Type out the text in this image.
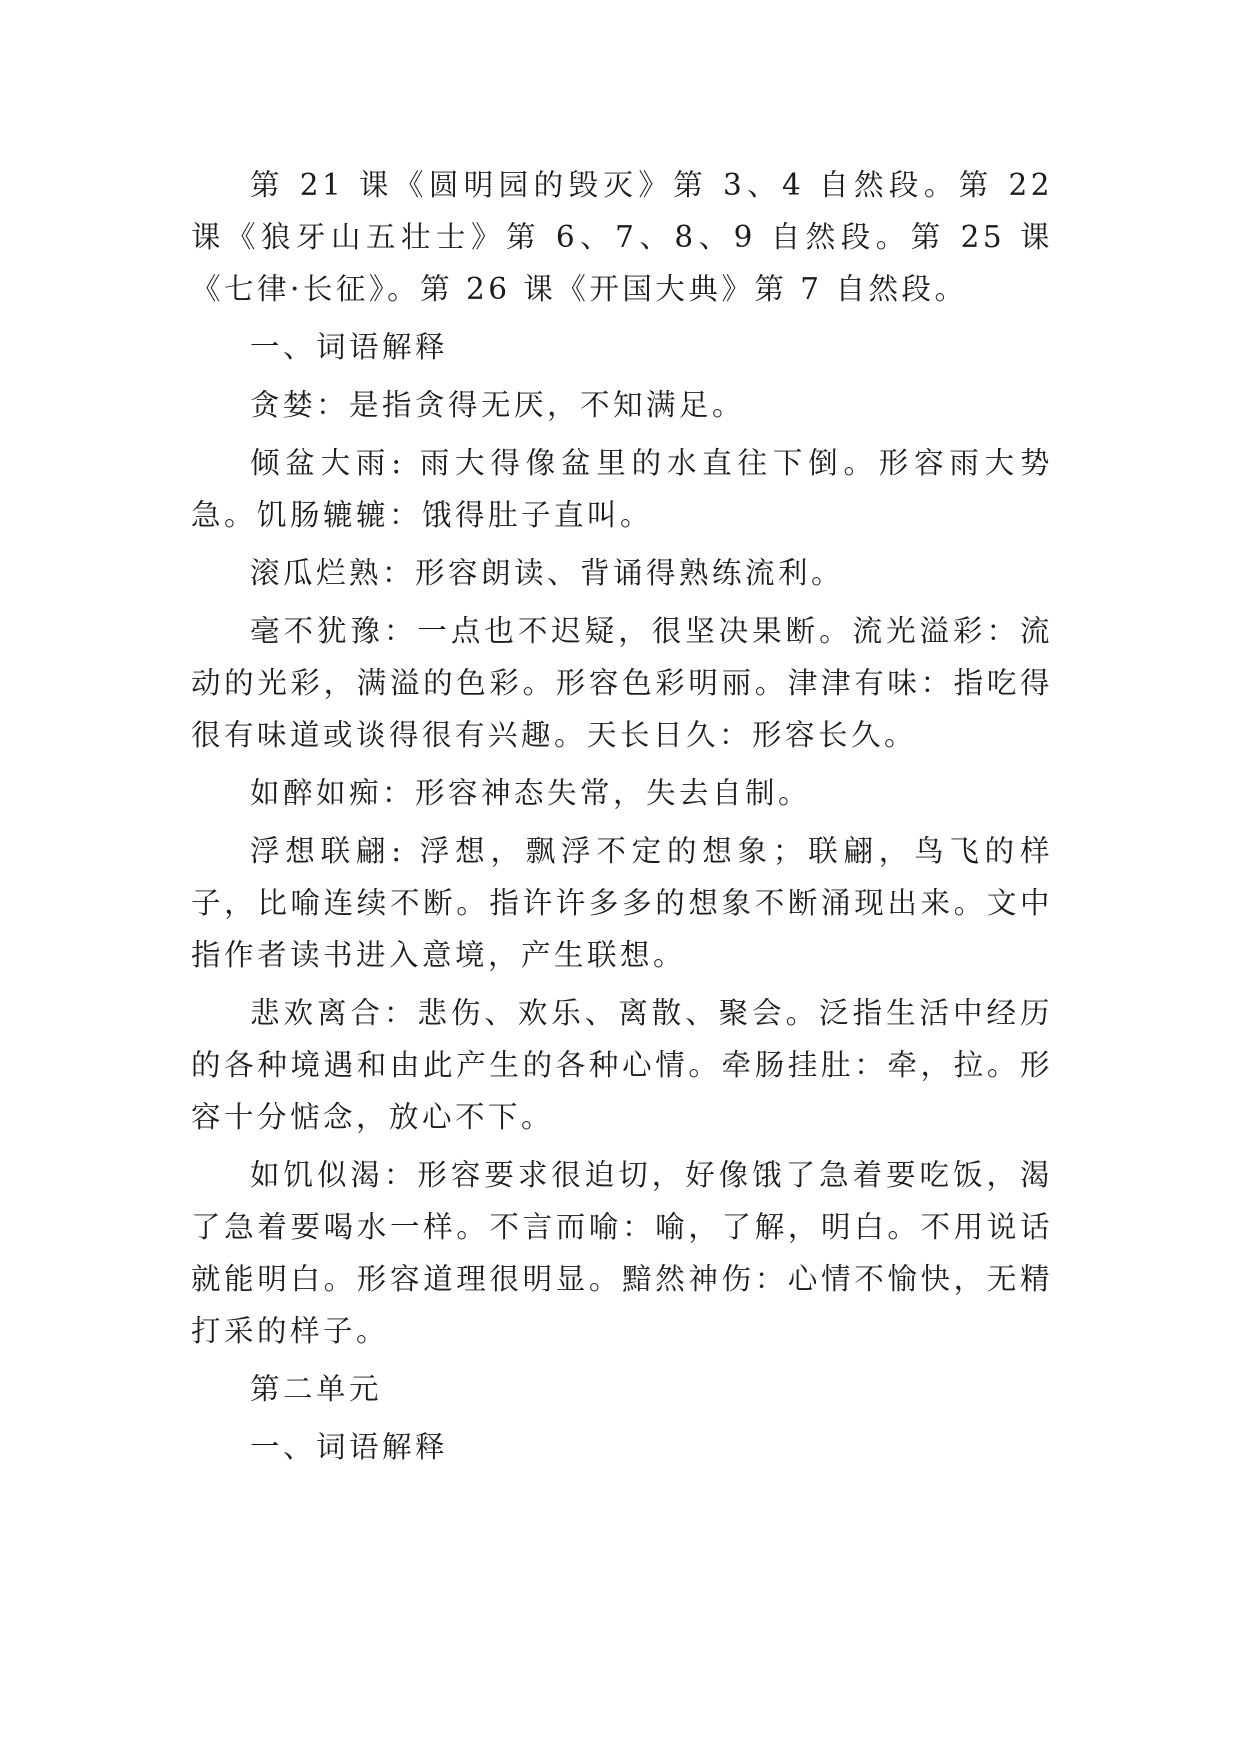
第 21 课《圆明园的毁灭》第 3、4 自然段。第 22 课《狼牙山五壮士》第 6、7、8、9 自然段。第 25 课《七律·长征》。第 26 课《开国大典》第 7 自然段。

一、词语解释

贪婪：是指贪得无厌，不知满足。

倾盆大雨: 雨大得像盆里的水直往下倒。形容雨大势急。饥肠辘辘：饿得肚子直叫。

滚瓜烂熟：形容朗读、背诵得熟练流利。

毫不犹豫：一点也不迟疑，很坚决果断。流光溢彩：流动的光彩，满溢的色彩。形容色彩明丽。津津有味：指吃得很有味道或谈得很有兴趣。天长日久：形容长久。

如醉如痴：形容神态失常，失去自制。

浮想联翩: 浮想，飘浮不定的想象；联翩，鸟飞的样子，比喻连续不断。指许许多多的想象不断涌现出来。文中指作者读书进入意境，产生联想。

悲欢离合：悲伤、欢乐、离散、聚会。泛指生活中经历的各种境遇和由此产生的各种心情。牵肠挂肚：牵，拉。形容十分惦念，放心不下。

如饥似渴：形容要求很迫切，好像饿了急着要吃饭，渴了急着要喝水一样。不言而喻：喻，了解，明白。不用说话就能明白。形容道理很明显。黯然神伤：心情不愉快，无精打采的样子。

第二单元

一、词语解释
